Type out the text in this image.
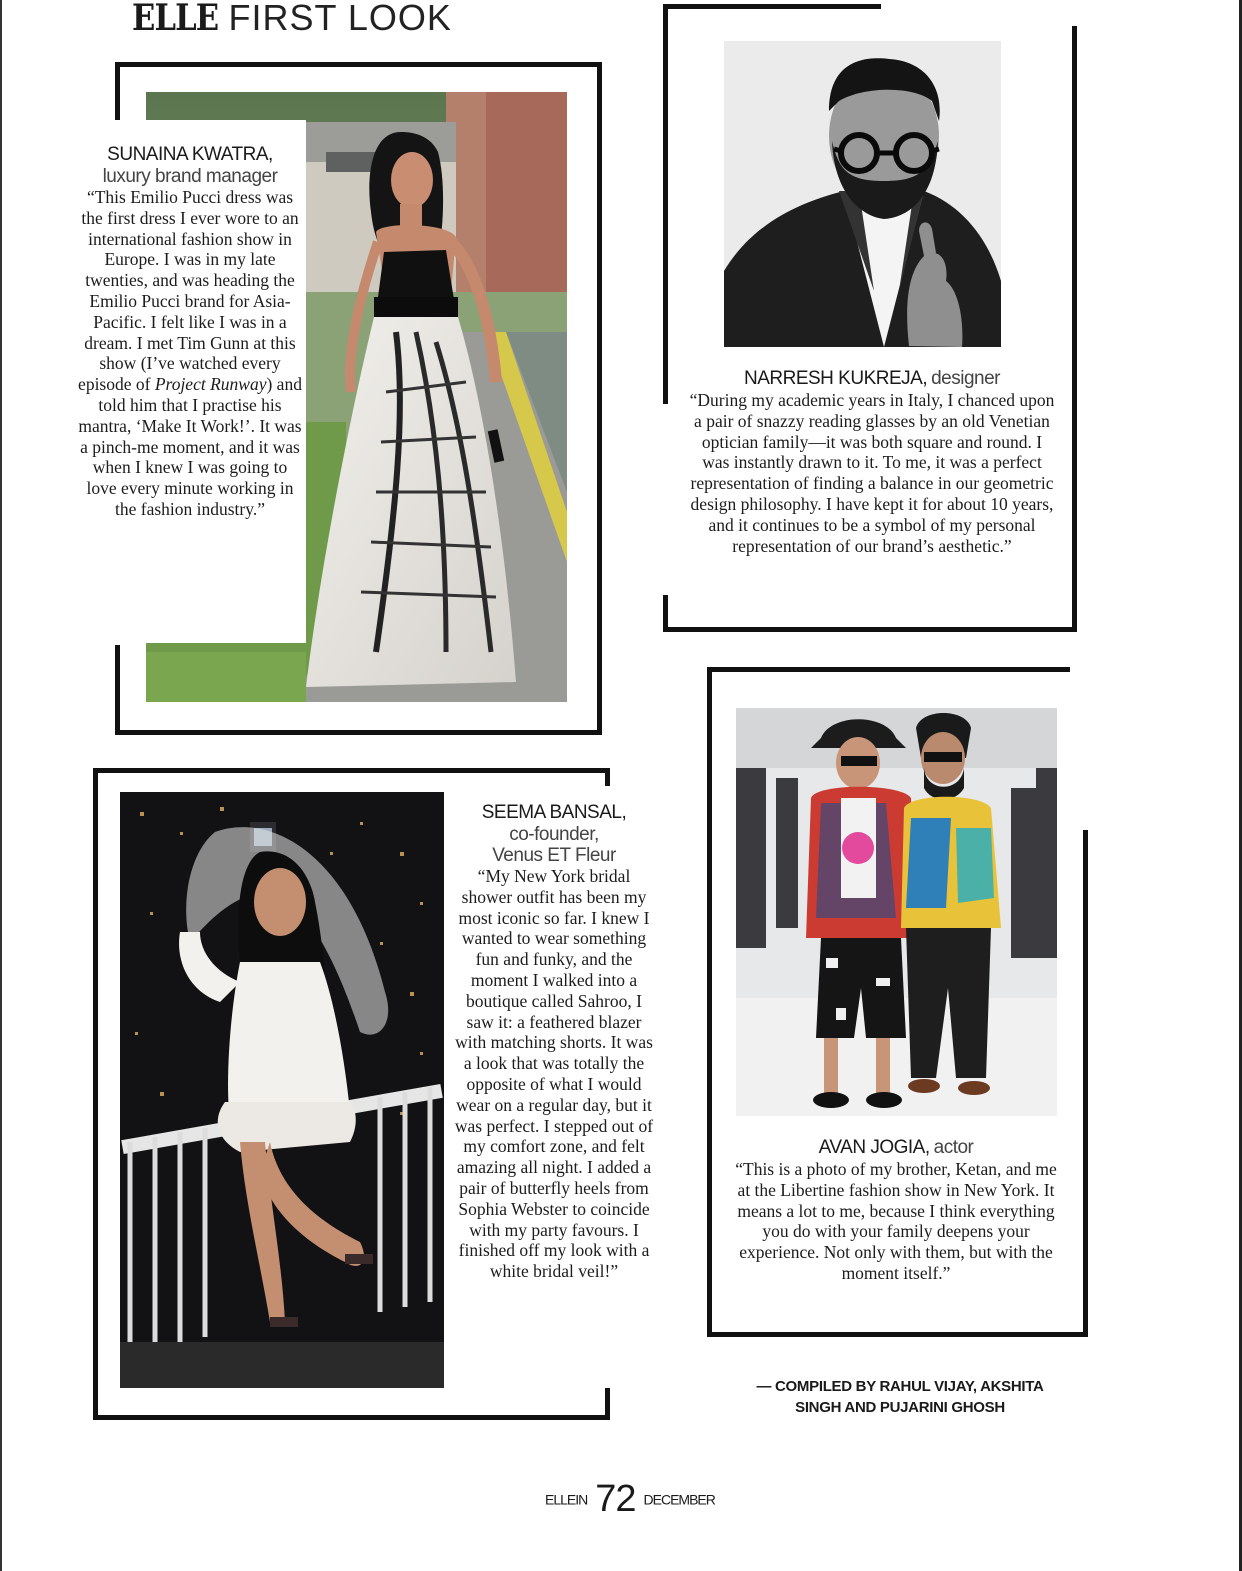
ELLE FIRST LOOK
SUNAINA KWATRA,
luxury brand manager
“This Emilio Pucci dress was the first dress I ever wore to an international fashion show in Europe. I was in my late twenties, and was heading the Emilio Pucci brand for Asia-Pacific. I felt like I was in a dream. I met Tim Gunn at this show (I’ve watched every episode of Project Runway) and told him that I practise his mantra, ‘Make It Work!’. It was a pinch-me moment, and it was when I knew I was going to love every minute working in the fashion industry.”
NARRESH KUKREJA, designer
“During my academic years in Italy, I chanced upon a pair of snazzy reading glasses by an old Venetian optician family—it was both square and round. I was instantly drawn to it. To me, it was a perfect representation of finding a balance in our geometric design philosophy. I have kept it for about 10 years, and it continues to be a symbol of my personal representation of our brand’s aesthetic.”
SEEMA BANSAL,
co-founder,
Venus ET Fleur
“My New York bridal shower outfit has been my most iconic so far. I knew I wanted to wear something fun and funky, and the moment I walked into a boutique called Sahroo, I saw it: a feathered blazer with matching shorts. It was a look that was totally the opposite of what I would wear on a regular day, but it was perfect. I stepped out of my comfort zone, and felt amazing all night. I added a pair of butterfly heels from Sophia Webster to coincide with my party favours. I finished off my look with a white bridal veil!”
AVAN JOGIA, actor
“This is a photo of my brother, Ketan, and me at the Libertine fashion show in New York. It means a lot to me, because I think everything you do with your family deepens your experience. Not only with them, but with the moment itself.”
— COMPILED BY RAHUL VIJAY, AKSHITA SINGH AND PUJARINI GHOSH
ELLEIN 72 DECEMBER
